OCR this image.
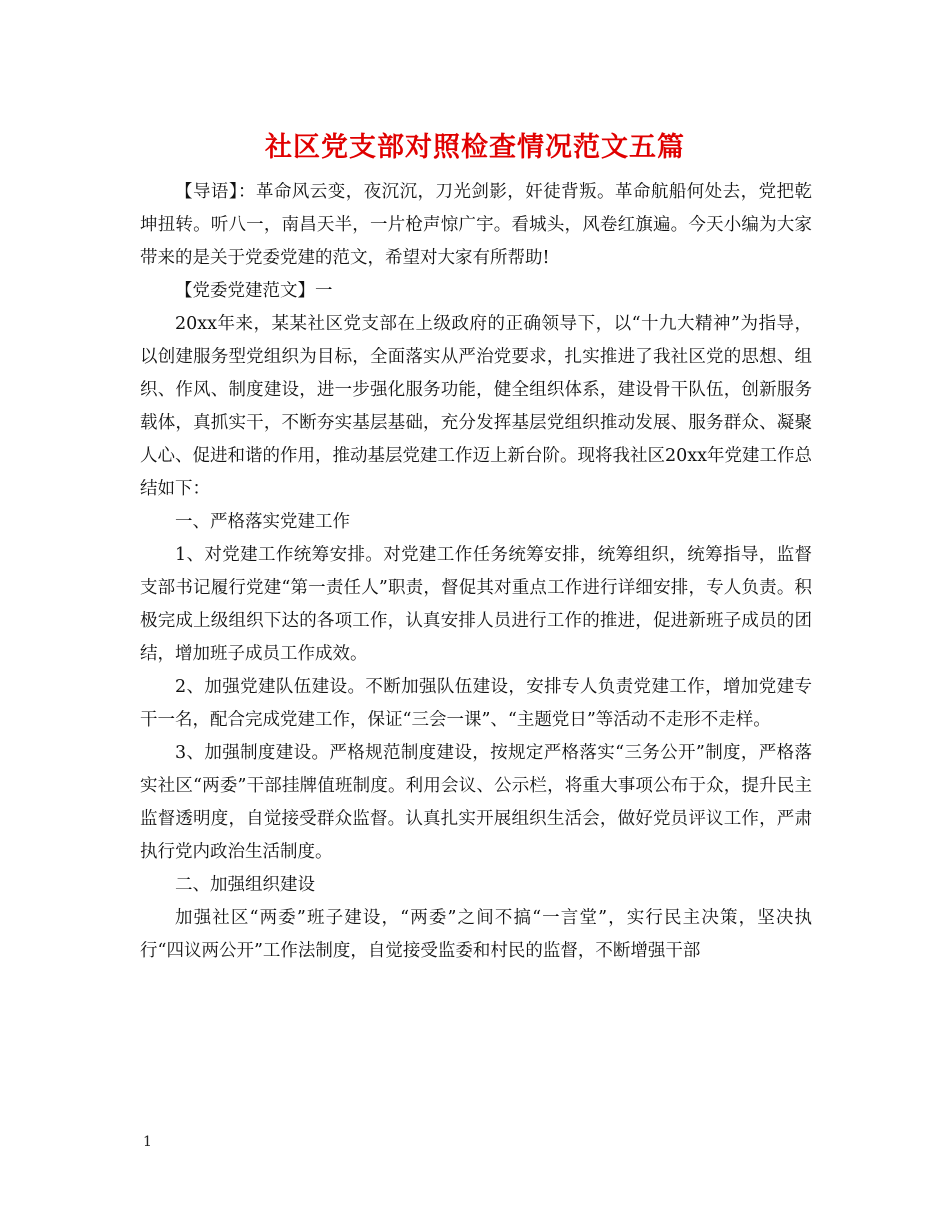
社区党支部对照检查情况范文五篇

【导语】：革命风云变，夜沉沉，刀光剑影，奸徒背叛。革命航船何处去，党把乾坤扭转。听八一，南昌天半，一片枪声惊广宇。看城头，风卷红旗遍。今天小编为大家带来的是关于党委党建的范文，希望对大家有所帮助!

【党委党建范文】一

20xx年来，某某社区党支部在上级政府的正确领导下，以“十九大精神”为指导，以创建服务型党组织为目标，全面落实从严治党要求，扎实推进了我社区党的思想、组织、作风、制度建设，进一步强化服务功能，健全组织体系，建设骨干队伍，创新服务载体，真抓实干，不断夯实基层基础，充分发挥基层党组织推动发展、服务群众、凝聚人心、促进和谐的作用，推动基层党建工作迈上新台阶。现将我社区20xx年党建工作总结如下：

一、严格落实党建工作

1、对党建工作统筹安排。对党建工作任务统筹安排，统筹组织，统筹指导，监督支部书记履行党建“第一责任人”职责，督促其对重点工作进行详细安排，专人负责。积极完成上级组织下达的各项工作，认真安排人员进行工作的推进，促进新班子成员的团结，增加班子成员工作成效。

2、加强党建队伍建设。不断加强队伍建设，安排专人负责党建工作，增加党建专干一名，配合完成党建工作，保证“三会一课”、“主题党日”等活动不走形不走样。

3、加强制度建设。严格规范制度建设，按规定严格落实“三务公开”制度，严格落实社区“两委”干部挂牌值班制度。利用会议、公示栏，将重大事项公布于众，提升民主监督透明度，自觉接受群众监督。认真扎实开展组织生活会，做好党员评议工作，严肃执行党内政治生活制度。

二、加强组织建设

加强社区“两委”班子建设，“两委”之间不搞“一言堂”，实行民主决策，坚决执行“四议两公开”工作法制度，自觉接受监委和村民的监督，不断增强干部

1
